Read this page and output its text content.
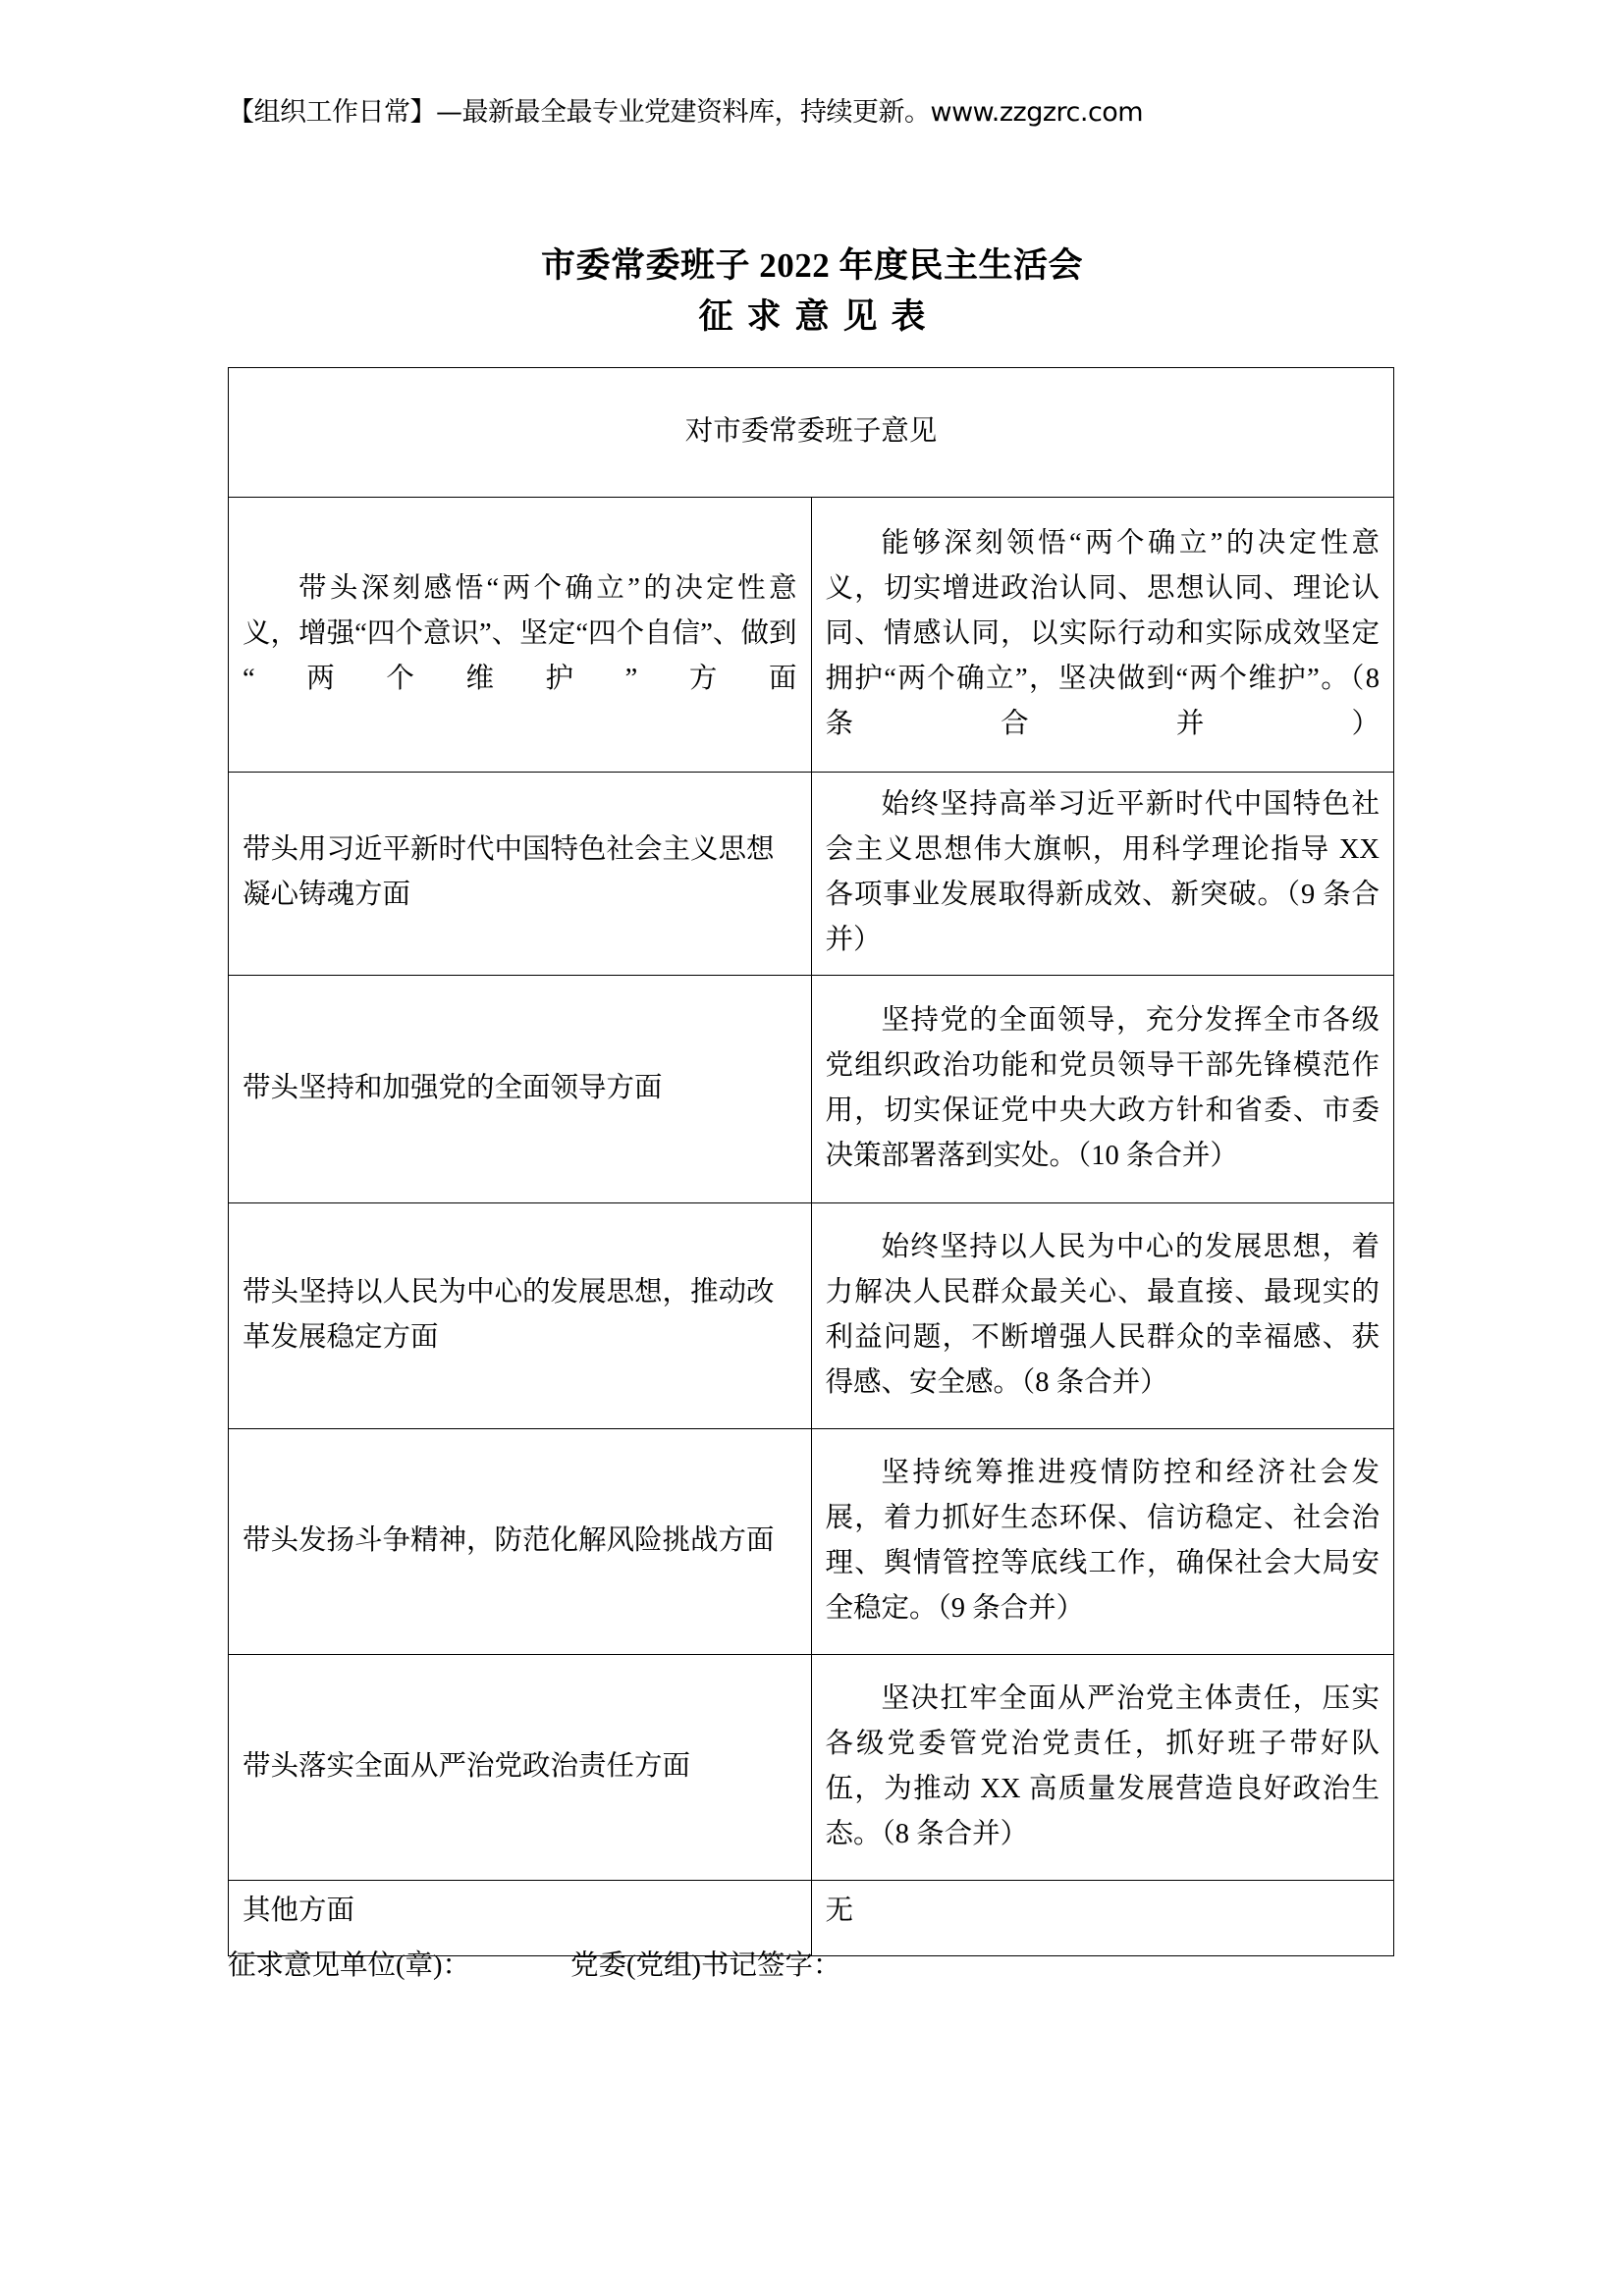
【组织工作日常】—最新最全最专业党建资料库，持续更新。www.zzgzrc.com
市委常委班子 2022 年度民主生活会
征求意见表
对市委常委班子意见	
带头深刻感悟“两个确立”的决定性意义，增强“四个意识”、坚定“四个自信”、做到“两个维护”方面	能够深刻领悟“两个确立”的决定性意义，切实增进政治认同、思想认同、理论认同、情感认同，以实际行动和实际成效坚定拥护“两个确立”，坚决做到“两个维护”。（8 条合并）
带头用习近平新时代中国特色社会主义思想凝心铸魂方面	始终坚持高举习近平新时代中国特色社会主义思想伟大旗帜，用科学理论指导 XX 各项事业发展取得新成效、新突破。（9 条合并）
带头坚持和加强党的全面领导方面	坚持党的全面领导，充分发挥全市各级党组织政治功能和党员领导干部先锋模范作用，切实保证党中央大政方针和省委、市委决策部署落到实处。（10 条合并）
带头坚持以人民为中心的发展思想，推动改革发展稳定方面	始终坚持以人民为中心的发展思想，着力解决人民群众最关心、最直接、最现实的利益问题，不断增强人民群众的幸福感、获得感、安全感。（8 条合并）
带头发扬斗争精神，防范化解风险挑战方面	坚持统筹推进疫情防控和经济社会发展，着力抓好生态环保、信访稳定、社会治理、舆情管控等底线工作，确保社会大局安全稳定。（9 条合并）
带头落实全面从严治党政治责任方面	坚决扛牢全面从严治党主体责任，压实各级党委管党治党责任，抓好班子带好队伍，为推动 XX 高质量发展营造良好政治生态。（8 条合并）
其他方面	无
征求意见单位(章)：	党委(党组)书记签字：
